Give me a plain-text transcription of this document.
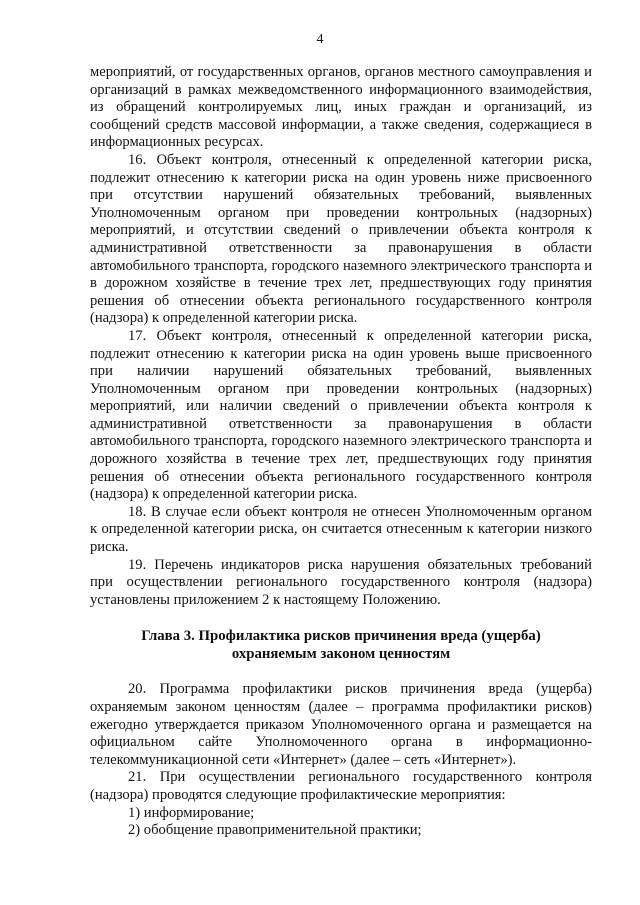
4

мероприятий, от государственных органов, органов местного самоуправления и организаций в рамках межведомственного информационного взаимодействия, из обращений контролируемых лиц, иных граждан и организаций, из сообщений средств массовой информации, а также сведения, содержащиеся в информационных ресурсах.

16. Объект контроля, отнесенный к определенной категории риска, подлежит отнесению к категории риска на один уровень ниже присвоенного при отсутствии нарушений обязательных требований, выявленных Уполномоченным органом при проведении контрольных (надзорных) мероприятий, и отсутствии сведений о привлечении объекта контроля к административной ответственности за правонарушения в области автомобильного транспорта, городского наземного электрического транспорта и в дорожном хозяйстве в течение трех лет, предшествующих году принятия решения об отнесении объекта регионального государственного контроля (надзора) к определенной категории риска.

17. Объект контроля, отнесенный к определенной категории риска, подлежит отнесению к категории риска на один уровень выше присвоенного при наличии нарушений обязательных требований, выявленных Уполномоченным органом при проведении контрольных (надзорных) мероприятий, или наличии сведений о привлечении объекта контроля к административной ответственности за правонарушения в области автомобильного транспорта, городского наземного электрического транспорта и дорожного хозяйства в течение трех лет, предшествующих году принятия решения об отнесении объекта регионального государственного контроля (надзора) к определенной категории риска.

18. В случае если объект контроля не отнесен Уполномоченным органом к определенной категории риска, он считается отнесенным к категории низкого риска.

19. Перечень индикаторов риска нарушения обязательных требований при осуществлении регионального государственного контроля (надзора) установлены приложением 2 к настоящему Положению.

Глава 3. Профилактика рисков причинения вреда (ущерба)
охраняемым законом ценностям

20. Программа профилактики рисков причинения вреда (ущерба) охраняемым законом ценностям (далее – программа профилактики рисков) ежегодно утверждается приказом Уполномоченного органа и размещается на официальном сайте Уполномоченного органа в информационно-телекоммуникационной сети «Интернет» (далее – сеть «Интернет»).

21. При осуществлении регионального государственного контроля (надзора) проводятся следующие профилактические мероприятия:

1) информирование;

2) обобщение правоприменительной практики;
